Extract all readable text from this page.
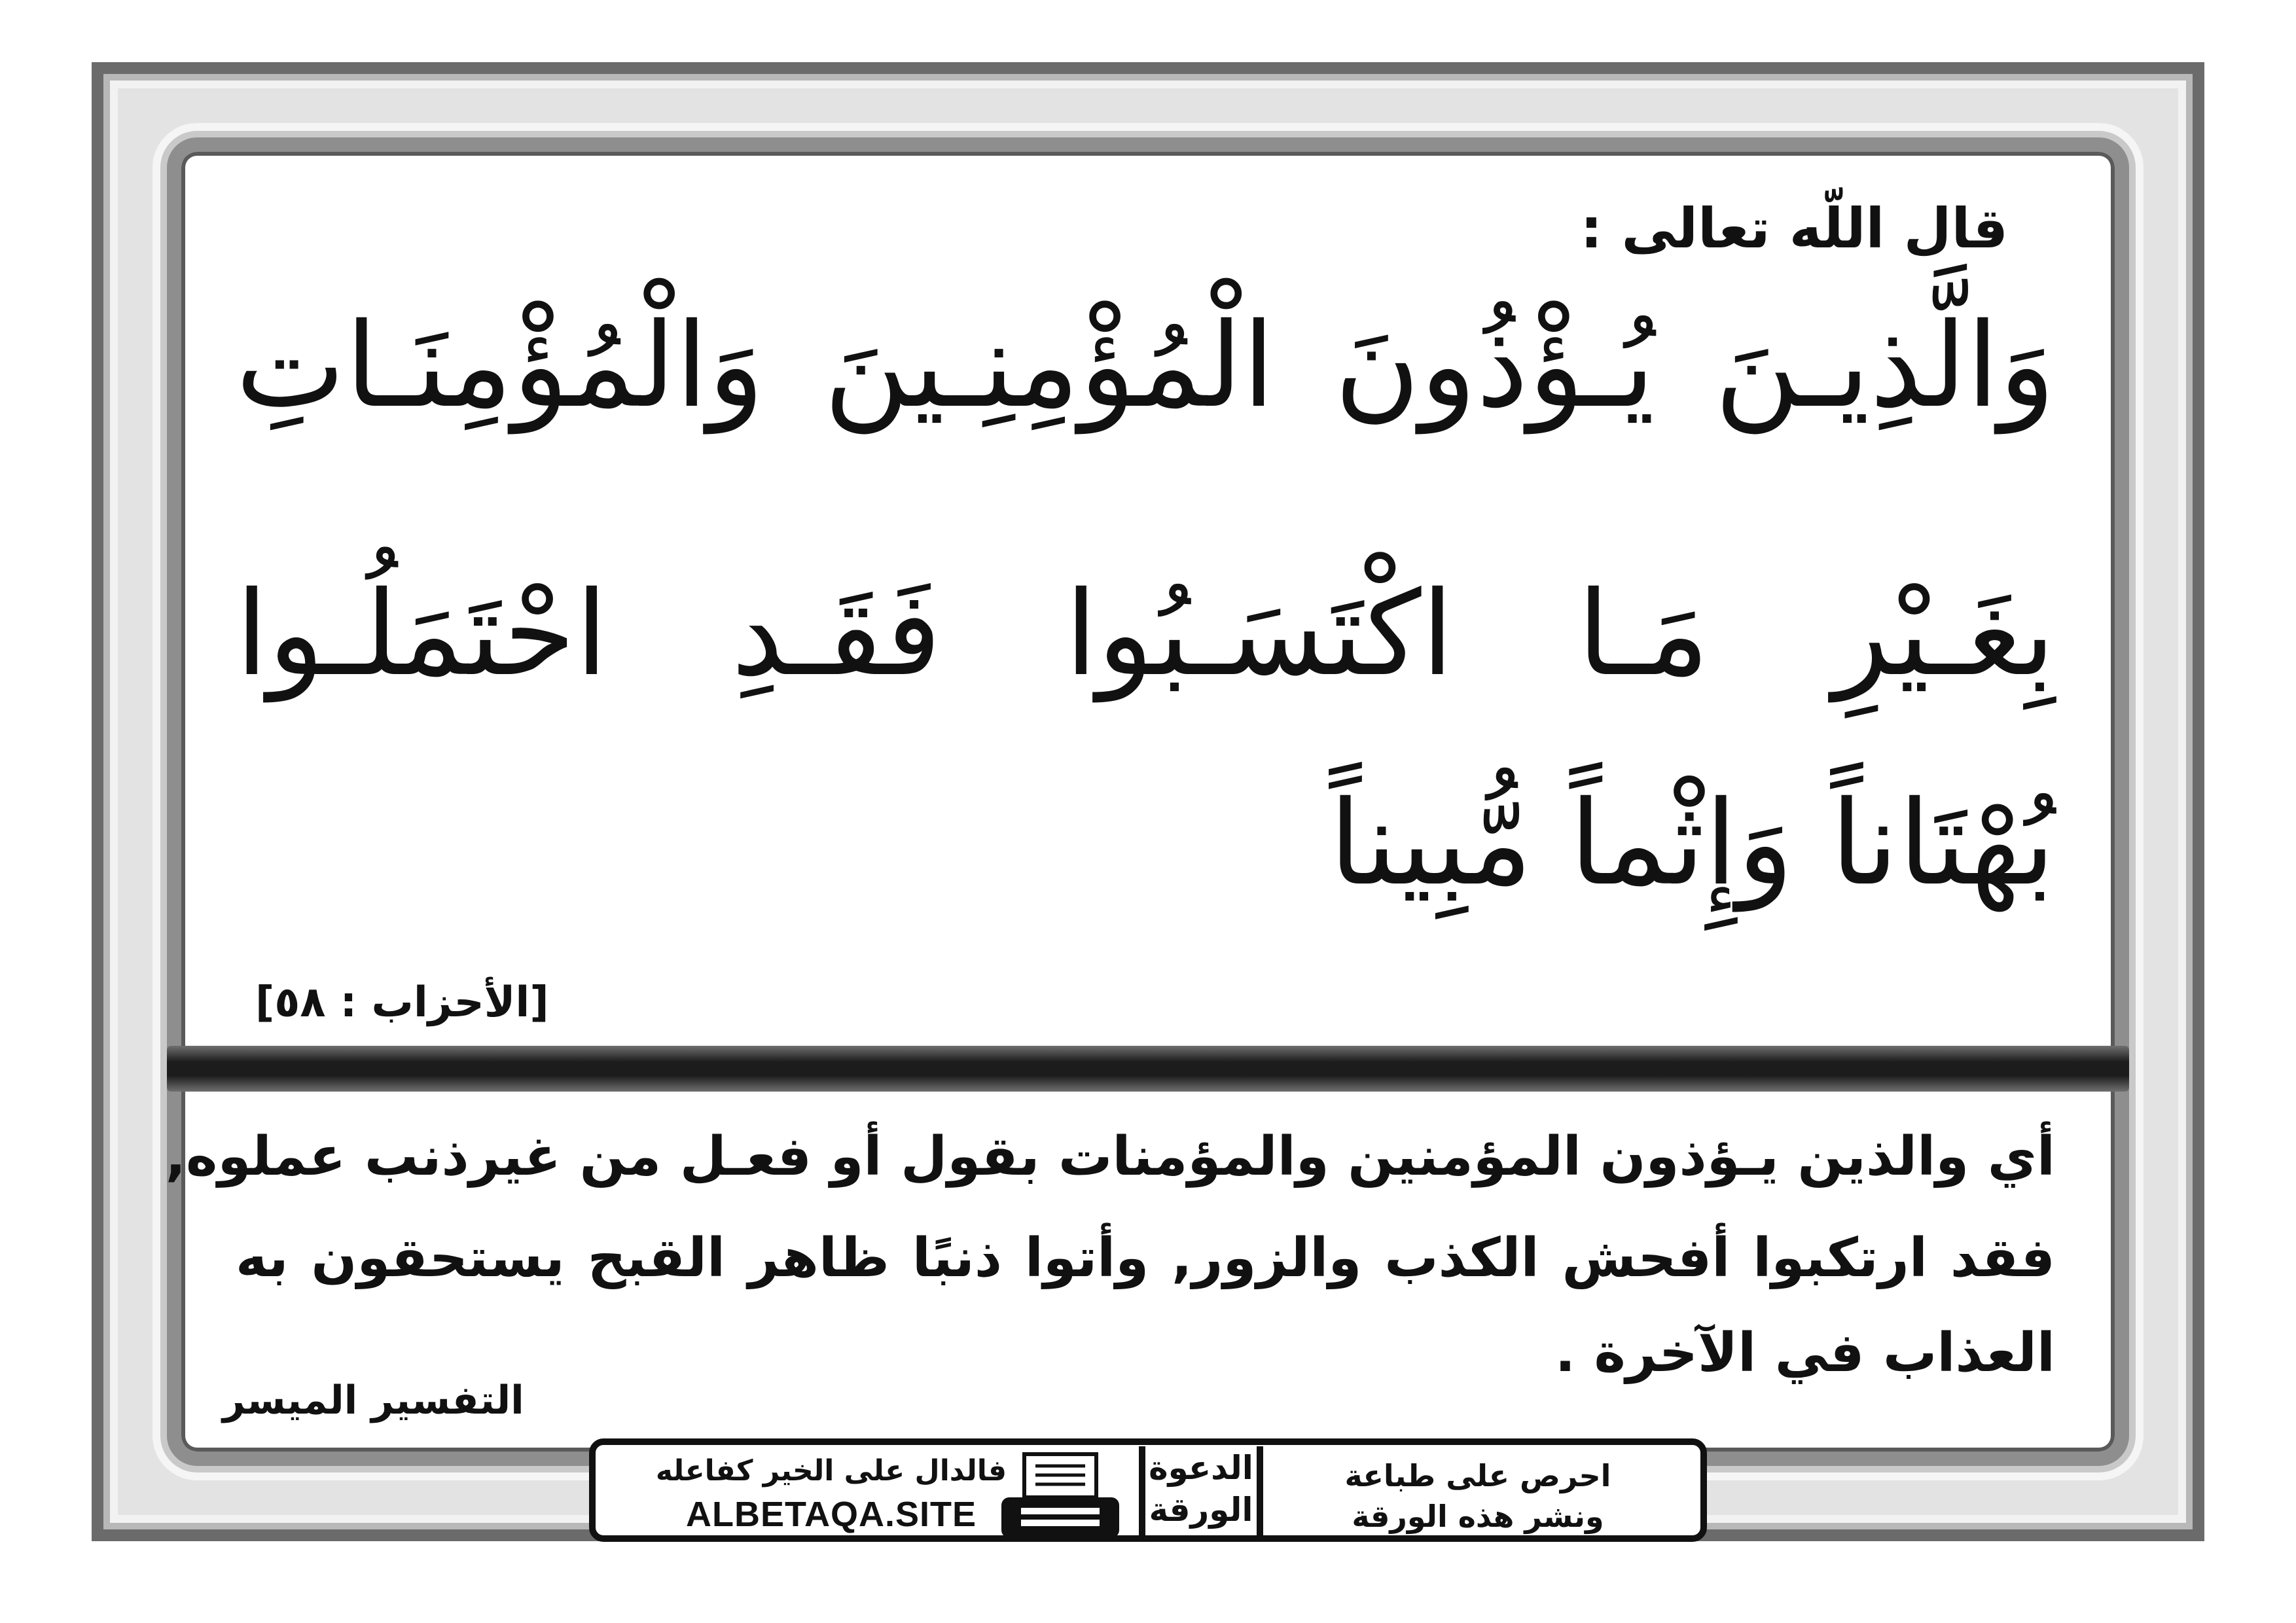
قال اللّه تعالى :
وَالَّذِيـنَ يُـؤْذُونَ الْمُؤْمِنِـينَ وَالْمُؤْمِنَـاتِ
بِغَـيْرِ مَـا اكْتَسَـبُوا فَقَـدِ احْتَمَلُـوا
بُهْتَاناً وَإِثْماً مُّبِيناً
[الأحزاب : ٥٨]
أي والذين يـؤذون المؤمنين والمؤمنات بقول أو فعـل من غيرذنب عملوه,
فقد ارتكبوا أفحش الكذب والزور, وأتوا ذنبًا ظاهر القبح يستحقون به
العذاب في الآخرة .
التفسير الميسر
فالدال على الخير كفاعله
ALBETAQA.SITE
الدعوة
الورقة
احرص على طباعة
ونشر هذه الورقة
